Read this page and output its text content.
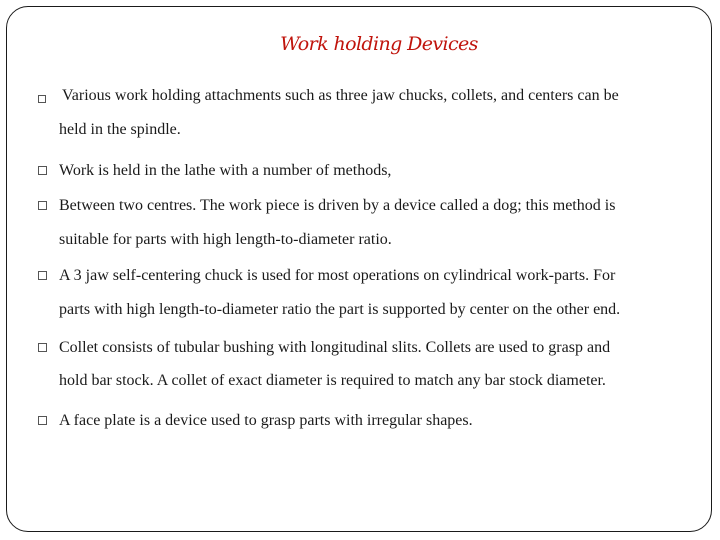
Work holding Devices
Various work holding attachments such as three jaw chucks, collets, and centers can be
held in the spindle.
Work is held in the lathe with a number of methods,
Between two centres. The work piece is driven by a device called a dog; this method is
suitable for parts with high length-to-diameter ratio.
A 3 jaw self-centering chuck is used for most operations on cylindrical work-parts. For
parts with high length-to-diameter ratio the part is supported by center on the other end.
Collet consists of tubular bushing with longitudinal slits. Collets are used to grasp and
hold bar stock. A collet of exact diameter is required to match any bar stock diameter.
A face plate is a device used to grasp parts with irregular shapes.
